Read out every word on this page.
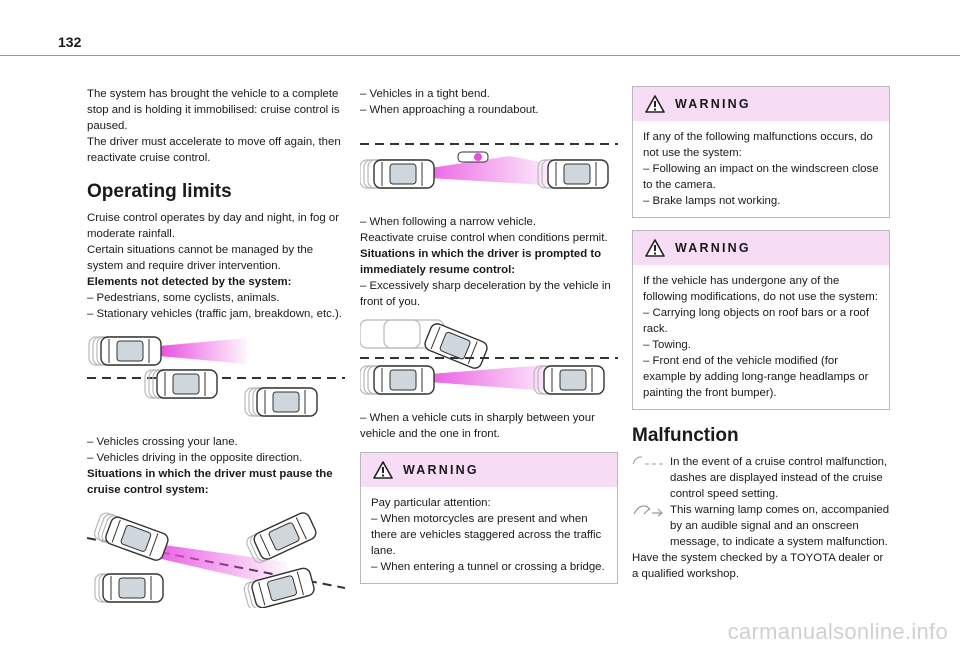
132

The system has brought the vehicle to a complete stop and is holding it immobilised: cruise control is paused.

The driver must accelerate to move off again, then reactivate cruise control.

Operating limits

Cruise control operates by day and night, in fog or moderate rainfall.

Certain situations cannot be managed by the system and require driver intervention.

Elements not detected by the system:

– Pedestrians, some cyclists, animals.

– Stationary vehicles (traffic jam, breakdown, etc.).

– Vehicles crossing your lane.

– Vehicles driving in the opposite direction.

Situations in which the driver must pause the cruise control system:

– Vehicles in a tight bend.

– When approaching a roundabout.

– When following a narrow vehicle.

Reactivate cruise control when conditions permit.

Situations in which the driver is prompted to immediately resume control:

– Excessively sharp deceleration by the vehicle in front of you.

– When a vehicle cuts in sharply between your vehicle and the one in front.

WARNING

Pay particular attention:

– When motorcycles are present and when there are vehicles staggered across the traffic lane.

– When entering a tunnel or crossing a bridge.

WARNING

If any of the following malfunctions occurs, do not use the system:

– Following an impact on the windscreen close to the camera.

– Brake lamps not working.

WARNING

If the vehicle has undergone any of the following modifications, do not use the system:

– Carrying long objects on roof bars or a roof rack.

– Towing.

– Front end of the vehicle modified (for example by adding long-range headlamps or painting the front bumper).

Malfunction

In the event of a cruise control malfunction, dashes are displayed instead of the cruise control speed setting.

This warning lamp comes on, accompanied by an audible signal and an onscreen message, to indicate a system malfunction.

Have the system checked by a TOYOTA dealer or a qualified workshop.

carmanualsonline.info
